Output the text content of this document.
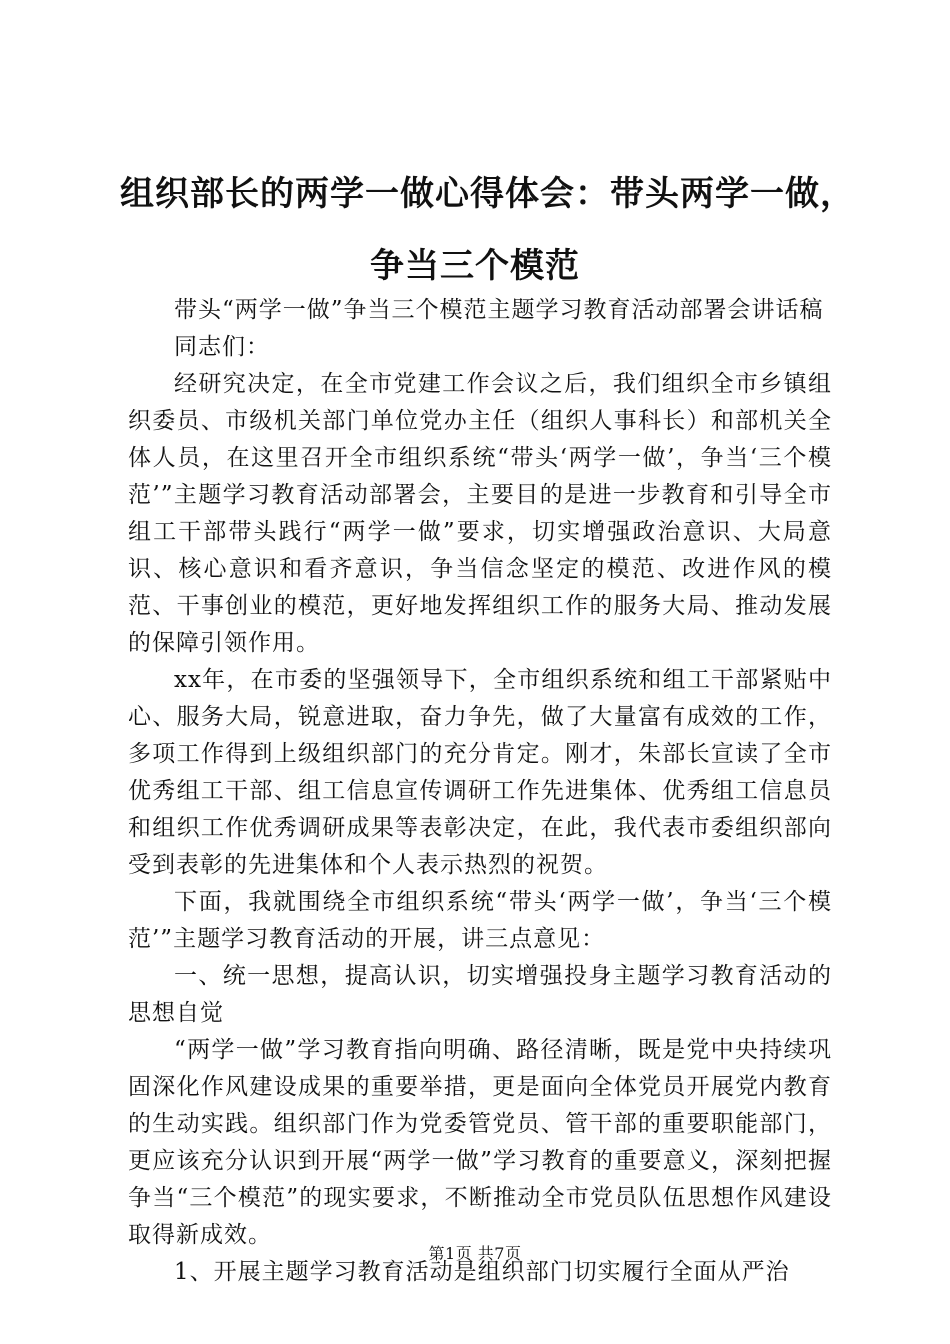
组织部长的两学一做心得体会：带头两学一做，
争当三个模范

带头“两学一做”争当三个模范主题学习教育活动部署会讲话稿

同志们：

经研究决定，在全市党建工作会议之后，我们组织全市乡镇组织委员、市级机关部门单位党办主任（组织人事科长）和部机关全体人员，在这里召开全市组织系统“带头‘两学一做’，争当‘三个模范’”主题学习教育活动部署会，主要目的是进一步教育和引导全市组工干部带头践行“两学一做”要求，切实增强政治意识、大局意识、核心意识和看齐意识，争当信念坚定的模范、改进作风的模范、干事创业的模范，更好地发挥组织工作的服务大局、推动发展的保障引领作用。

xx年，在市委的坚强领导下，全市组织系统和组工干部紧贴中心、服务大局，锐意进取，奋力争先，做了大量富有成效的工作，多项工作得到上级组织部门的充分肯定。刚才，朱部长宣读了全市优秀组工干部、组工信息宣传调研工作先进集体、优秀组工信息员和组织工作优秀调研成果等表彰决定，在此，我代表市委组织部向受到表彰的先进集体和个人表示热烈的祝贺。

下面，我就围绕全市组织系统“带头‘两学一做’，争当‘三个模范’”主题学习教育活动的开展，讲三点意见：

一、统一思想，提高认识，切实增强投身主题学习教育活动的思想自觉

“两学一做”学习教育指向明确、路径清晰，既是党中央持续巩固深化作风建设成果的重要举措，更是面向全体党员开展党内教育的生动实践。组织部门作为党委管党员、管干部的重要职能部门，更应该充分认识到开展“两学一做”学习教育的重要意义，深刻把握争当“三个模范”的现实要求，不断推动全市党员队伍思想作风建设取得新成效。

1、开展主题学习教育活动是组织部门切实履行全面从严治

第1页 共7页
